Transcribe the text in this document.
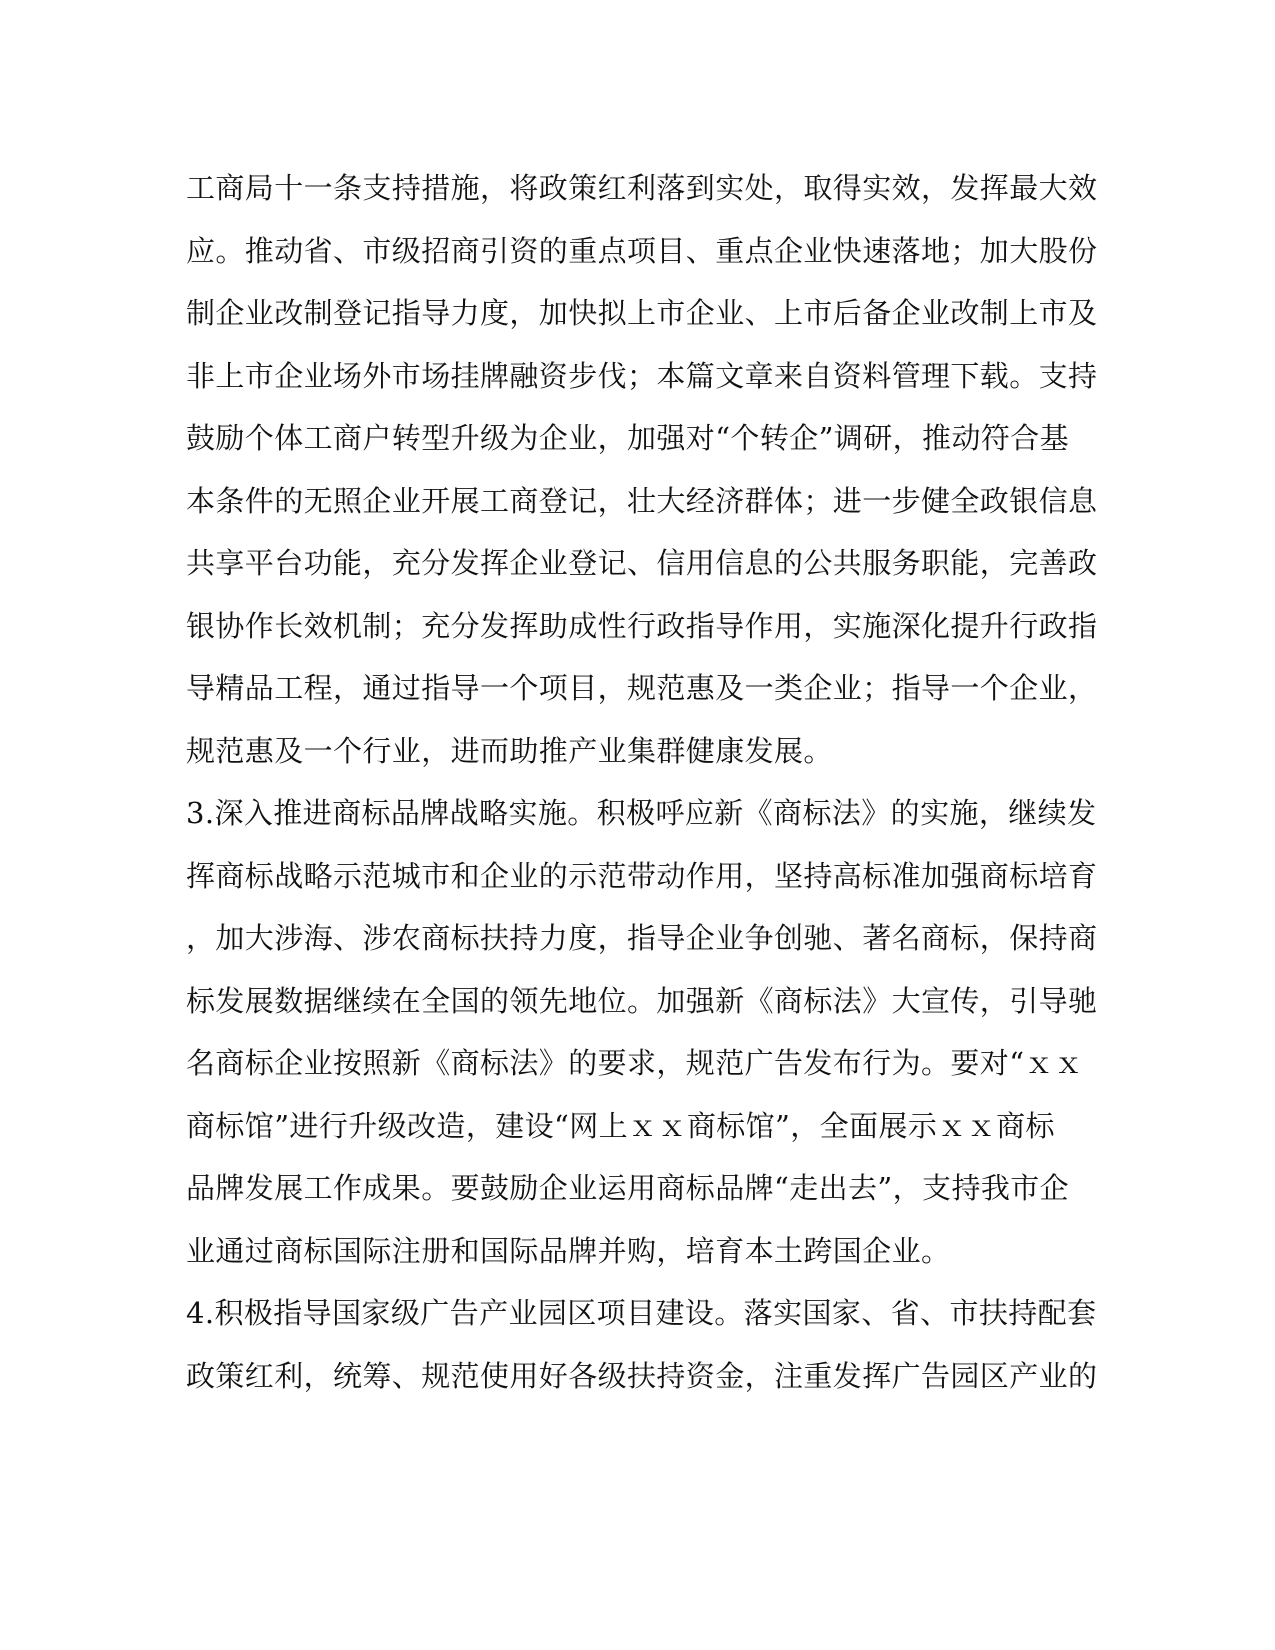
工商局十一条支持措施，将政策红利落到实处，取得实效，发挥最大效
应。推动省、市级招商引资的重点项目、重点企业快速落地；加大股份
制企业改制登记指导力度，加快拟上市企业、上市后备企业改制上市及
非上市企业场外市场挂牌融资步伐；本篇文章来自资料管理下载。支持
鼓励个体工商户转型升级为企业，加强对“个转企”调研，推动符合基
本条件的无照企业开展工商登记，壮大经济群体；进一步健全政银信息
共享平台功能，充分发挥企业登记、信用信息的公共服务职能，完善政
银协作长效机制；充分发挥助成性行政指导作用，实施深化提升行政指
导精品工程，通过指导一个项目，规范惠及一类企业；指导一个企业，
规范惠及一个行业，进而助推产业集群健康发展。
3.深入推进商标品牌战略实施。积极呼应新《商标法》的实施，继续发
挥商标战略示范城市和企业的示范带动作用，坚持高标准加强商标培育
，加大涉海、涉农商标扶持力度，指导企业争创驰、著名商标，保持商
标发展数据继续在全国的领先地位。加强新《商标法》大宣传，引导驰
名商标企业按照新《商标法》的要求，规范广告发布行为。要对“ｘｘ
商标馆”进行升级改造，建设“网上ｘｘ商标馆”，全面展示ｘｘ商标
品牌发展工作成果。要鼓励企业运用商标品牌“走出去”，支持我市企
业通过商标国际注册和国际品牌并购，培育本土跨国企业。
4.积极指导国家级广告产业园区项目建设。落实国家、省、市扶持配套
政策红利，统筹、规范使用好各级扶持资金，注重发挥广告园区产业的
